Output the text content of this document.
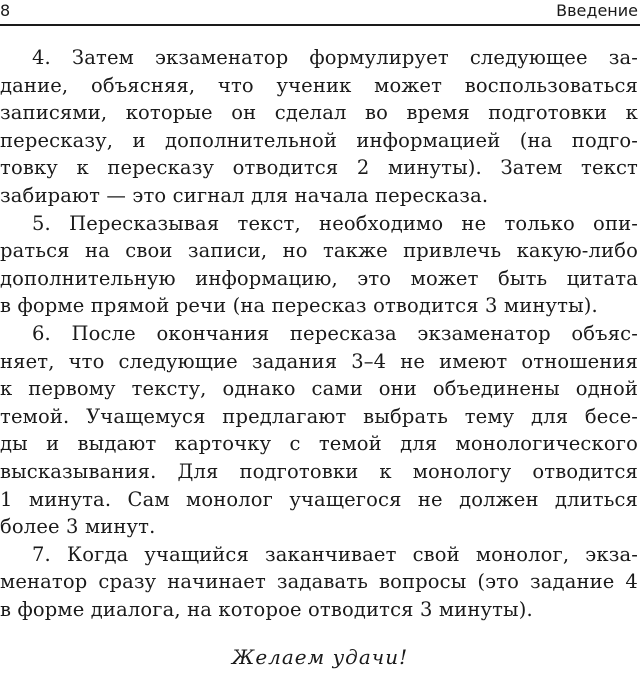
8	Введение
4. Затем экзаменатор формулирует следующее за-
дание, объясняя, что ученик может воспользоваться
записями, которые он сделал во время подготовки к
пересказу, и дополнительной информацией (на подго-
товку к пересказу отводится 2 минуты). Затем текст
забирают — это сигнал для начала пересказа.
5. Пересказывая текст, необходимо не только опи-
раться на свои записи, но также привлечь какую-либо
дополнительную информацию, это может быть цитата
в форме прямой речи (на пересказ отводится 3 минуты).
6. После окончания пересказа экзаменатор объяс-
няет, что следующие задания 3–4 не имеют отношения
к первому тексту, однако сами они объединены одной
темой. Учащемуся предлагают выбрать тему для бесе-
ды и выдают карточку с темой для монологического
высказывания. Для подготовки к монологу отводится
1 минута. Сам монолог учащегося не должен длиться
более 3 минут.
7. Когда учащийся заканчивает свой монолог, экза-
менатор сразу начинает задавать вопросы (это задание 4
в форме диалога, на которое отводится 3 минуты).
Желаем удачи!
